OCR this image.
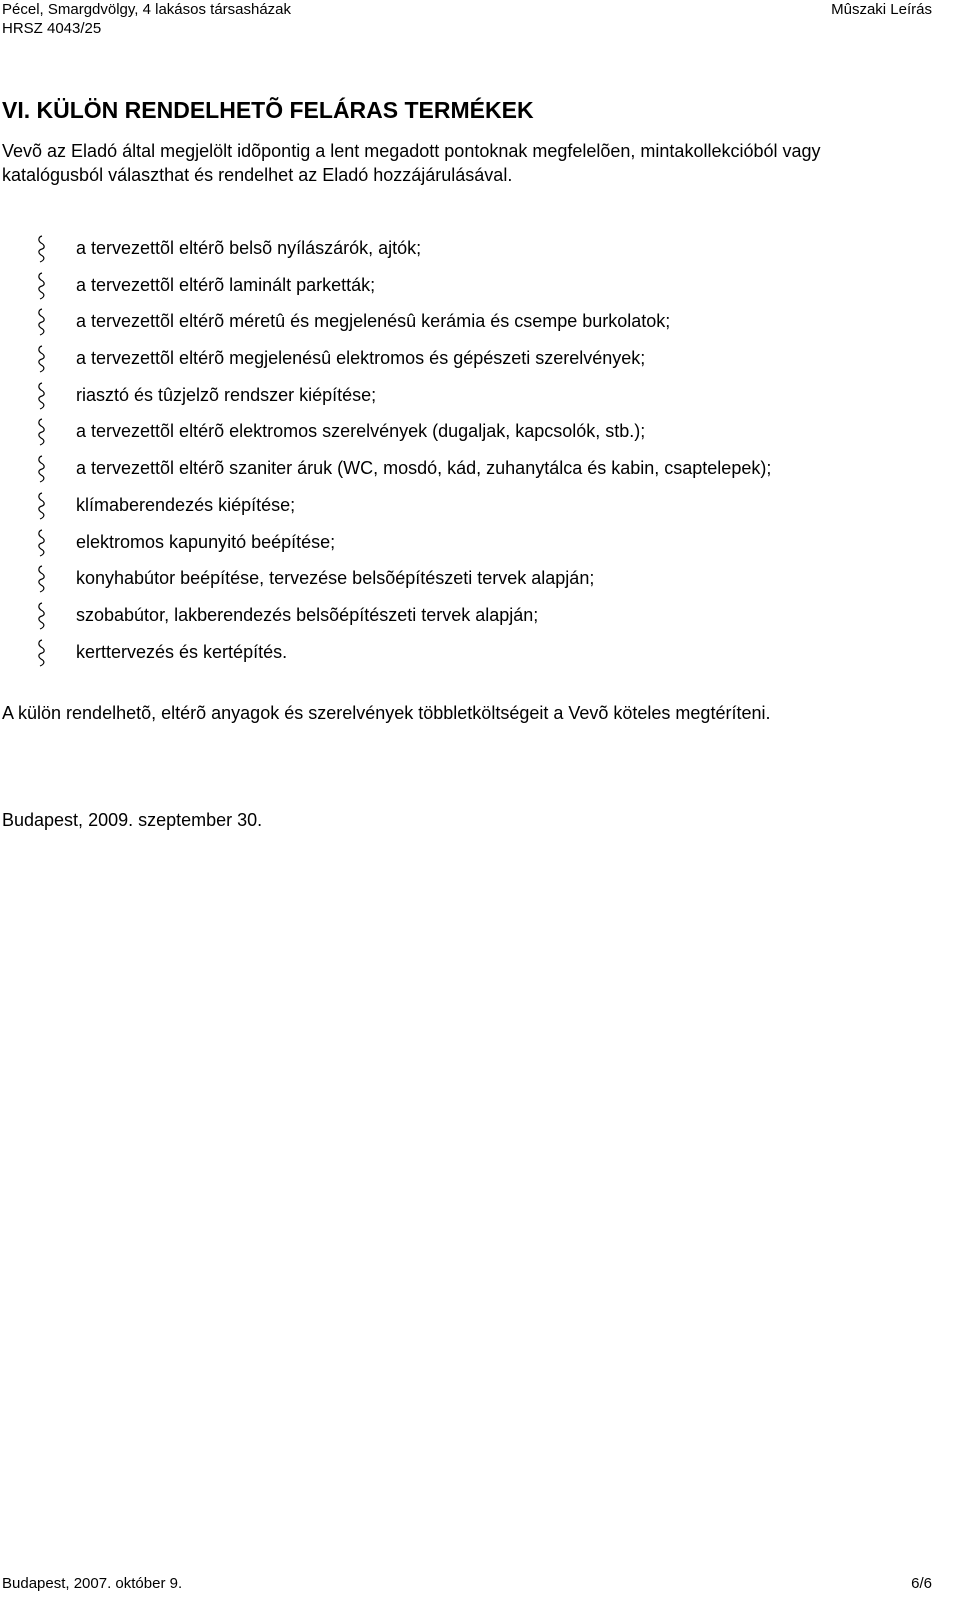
Pécel, Smargdvölgy, 4 lakásos társasházak
HRSZ 4043/25
Mûszaki Leírás
VI. KÜLÖN RENDELHETÕ FELÁRAS TERMÉKEK
Vevõ az Eladó által megjelölt idõpontig a lent megadott pontoknak megfelelõen, mintakollekcióból vagy katalógusból választhat és rendelhet az Eladó hozzájárulásával.
a tervezettõl eltérõ belsõ nyílászárók, ajtók;
a tervezettõl eltérõ laminált parketták;
a tervezettõl eltérõ méretû és megjelenésû kerámia és csempe burkolatok;
a tervezettõl eltérõ megjelenésû elektromos és gépészeti szerelvények;
riasztó és tûzjelzõ rendszer kiépítése;
a tervezettõl eltérõ elektromos szerelvények (dugaljak, kapcsolók, stb.);
a tervezettõl eltérõ szaniter áruk (WC, mosdó, kád, zuhanytálca és kabin, csaptelepek);
klímaberendezés kiépítése;
elektromos kapunyitó beépítése;
konyhabútor beépítése, tervezése belsõépítészeti tervek alapján;
szobabútor, lakberendezés belsõépítészeti tervek alapján;
kerttervezés és kertépítés.
A külön rendelhetõ, eltérõ anyagok és szerelvények többletköltségeit a Vevõ köteles megtéríteni.
Budapest, 2009. szeptember 30.
Budapest, 2007. október 9.	6/6
